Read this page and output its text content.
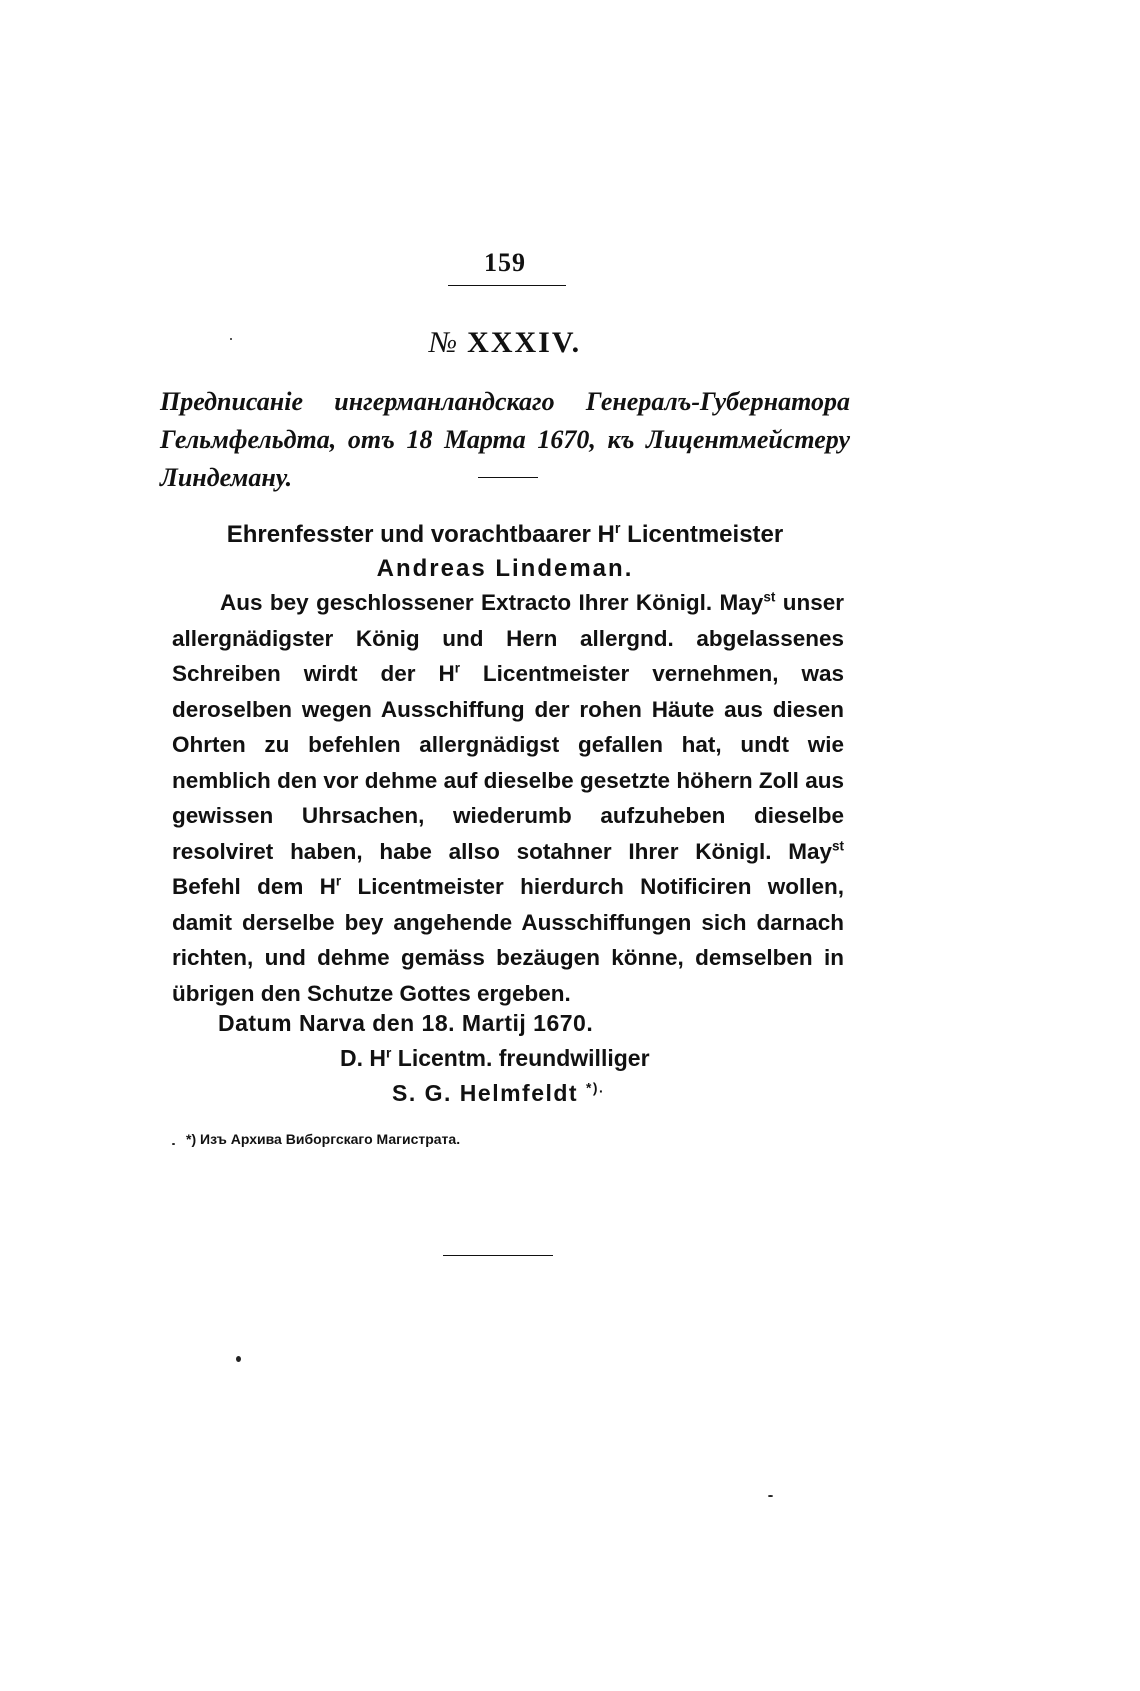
159
№ XXXIV.
Предписаніе ингерманландскаго Генералъ-Губернатора Гельмфельдта, отъ 18 Марта 1670, къ Лицентмейстеру Линдеману.
Ehrenfesster und vorachtbaarer $H^r$ Licentmeister
Andreas Lindeman.

Aus bey geschlossener Extracto Ihrer Königl. May$^{st}$ unser allergnädigster König und Hern allergnd. abgelassenes Schreiben wirdt der $H^r$ Licentmeister vernehmen, was deroselben wegen Ausschiffung der rohen Häute aus diesen Ohrten zu befehlen allergnädigst gefallen hat, undt wie nemblich den vor dehme auf dieselbe gesetzte höhern Zoll aus gewissen Uhrsachen, wiederumb aufzuheben dieselbe resolviret haben, habe allso sotahner Ihrer Königl. May$^{st}$ Befehl dem $H^r$ Licentmeister hierdurch Notificiren wollen, damit derselbe bey angehende Ausschiffungen sich darnach richten, und dehme gemäss bezäugen könne, demselben in übrigen den Schutze Gottes ergeben.

Datum Narva den 18. Martij 1670.
D. $H^r$ Licentm. freundwilliger
S. G. Helmfeldt *).
*) Изъ Архива Виборгскаго Магистрата.
